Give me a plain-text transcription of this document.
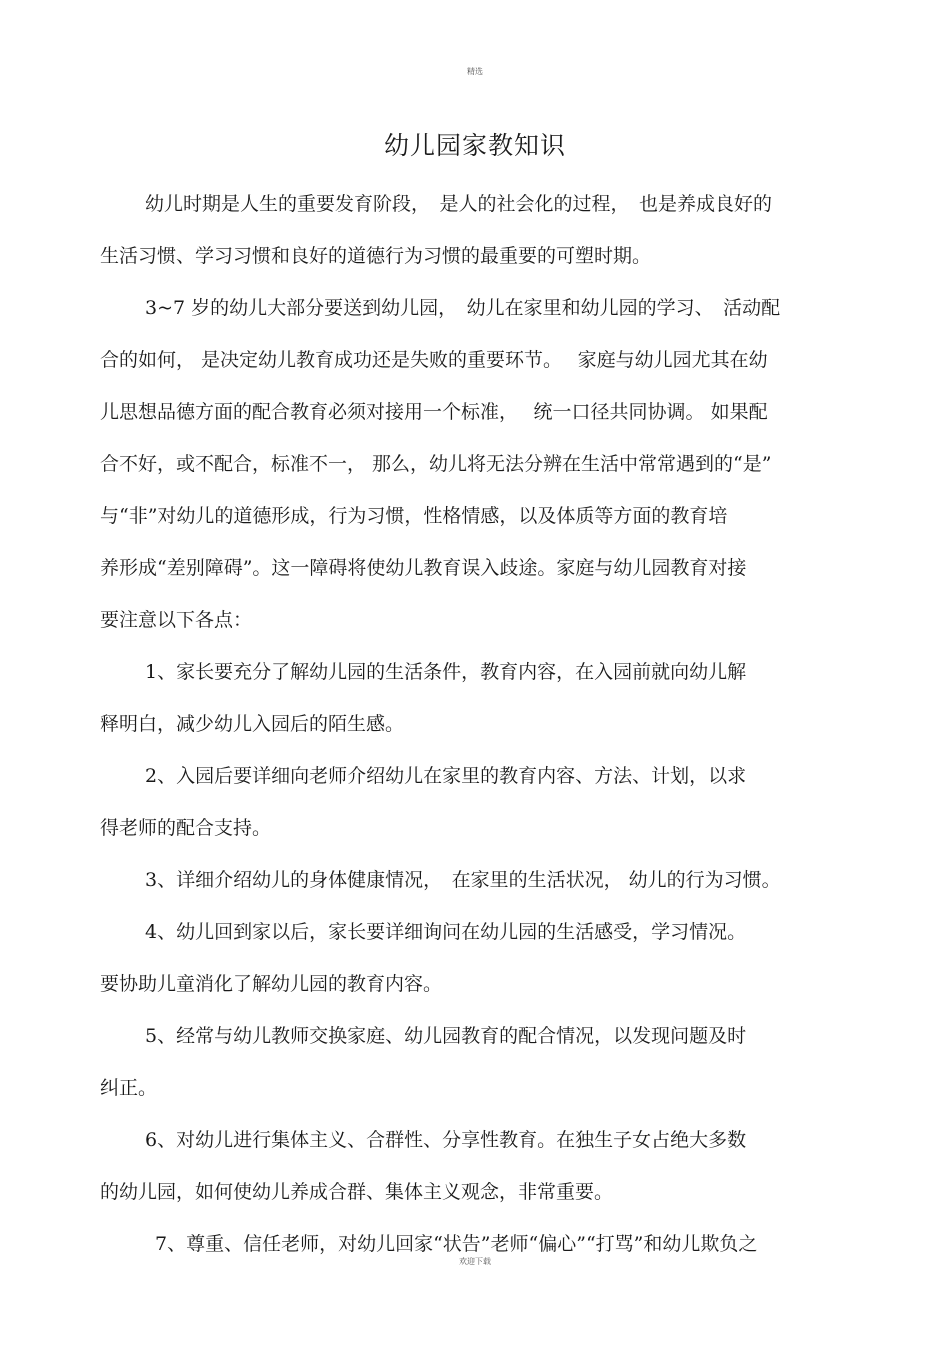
精选
幼儿园家教知识
幼儿时期是人生的重要发育阶段，　是人的社会化的过程，　也是养成良好的
生活习惯、学习习惯和良好的道德行为习惯的最重要的可塑时期。
3~7 岁的幼儿大部分要送到幼儿园，　幼儿在家里和幼儿园的学习、　活动配
合的如何， 是决定幼儿教育成功还是失败的重要环节。　 家庭与幼儿园尤其在幼
儿思想品德方面的配合教育必须对接用一个标准，　 统一口径共同协调。 如果配
合不好，或不配合，标准不一， 那么，幼儿将无法分辨在生活中常常遇到的“是”
与“非”对幼儿的道德形成，行为习惯，性格情感，以及体质等方面的教育培
养形成“差别障碍”。这一障碍将使幼儿教育误入歧途。家庭与幼儿园教育对接
要注意以下各点：
1、家长要充分了解幼儿园的生活条件，教育内容，在入园前就向幼儿解
释明白，减少幼儿入园后的陌生感。
2、入园后要详细向老师介绍幼儿在家里的教育内容、方法、计划，以求
得老师的配合支持。
3、详细介绍幼儿的身体健康情况，　在家里的生活状况， 幼儿的行为习惯。
4、幼儿回到家以后，家长要详细询问在幼儿园的生活感受，学习情况。
要协助儿童消化了解幼儿园的教育内容。
5、经常与幼儿教师交换家庭、幼儿园教育的配合情况，以发现问题及时
纠正。
6、对幼儿进行集体主义、合群性、分享性教育。在独生子女占绝大多数
的幼儿园，如何使幼儿养成合群、集体主义观念，非常重要。
7、尊重、信任老师，对幼儿回家“状告”老师“偏心”“打骂”和幼儿欺负之
欢迎下载
